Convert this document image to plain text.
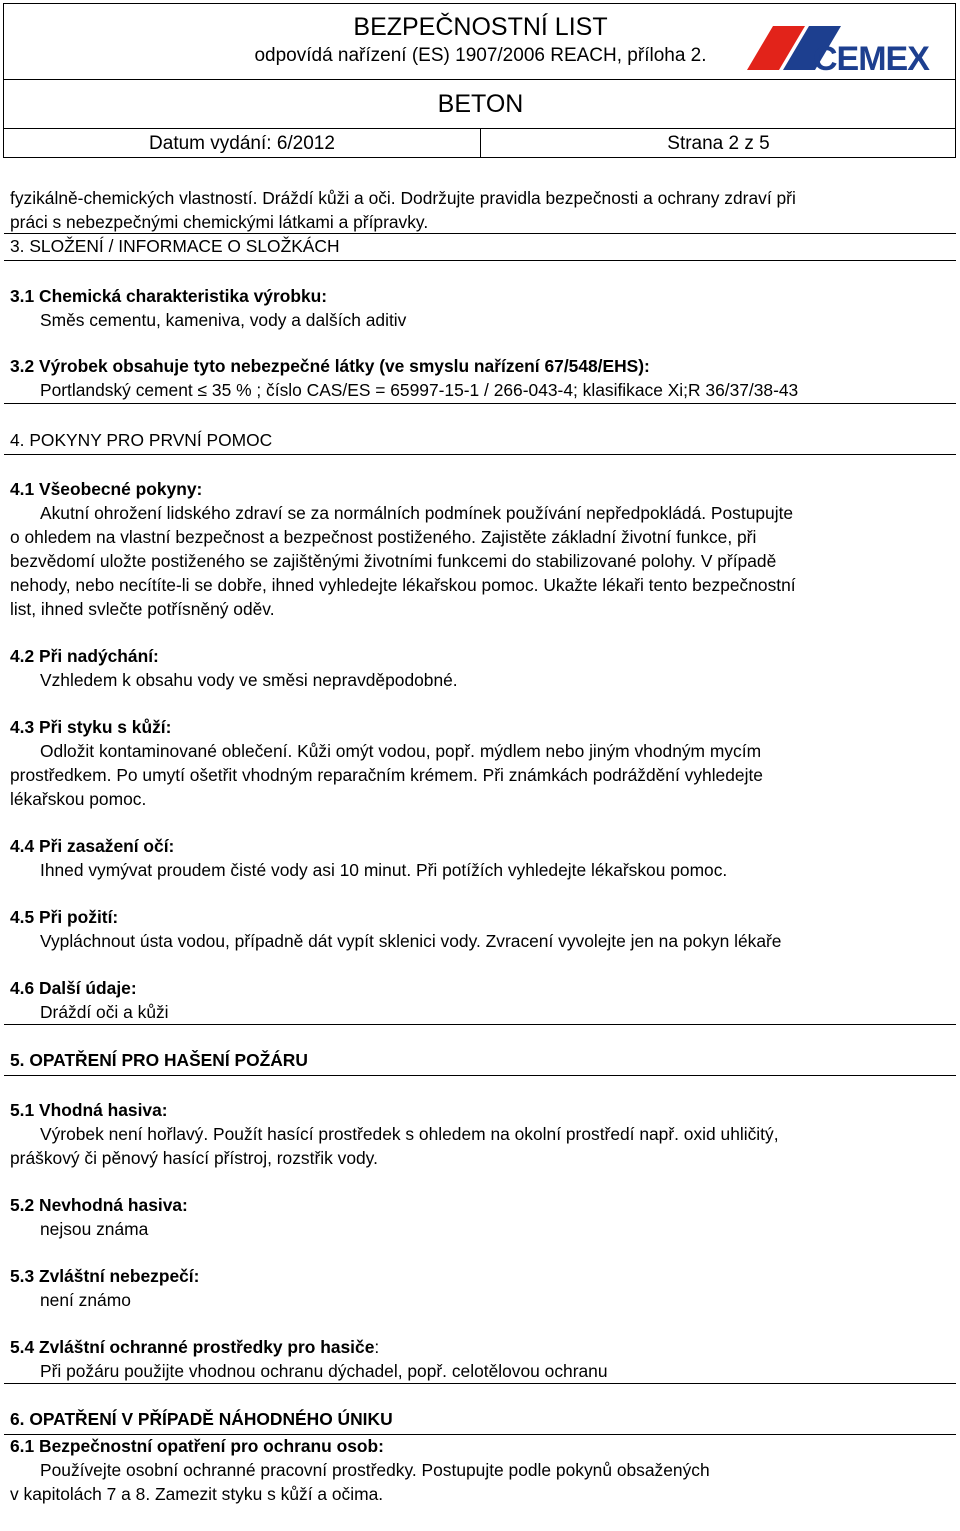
BEZPEČNOSTNÍ LIST
odpovídá nařízení (ES) 1907/2006 REACH, příloha 2.
BETON
Datum vydání: 6/2012	Strana 2 z 5
CEMEX

fyzikálně-chemických vlastností. Dráždí kůži a oči. Dodržujte pravidla bezpečnosti a ochrany zdraví při

práci s nebezpečnými chemickými látkami a přípravky.

3. SLOŽENÍ / INFORMACE O SLOŽKÁCH

3.1 Chemická charakteristika výrobku:

Směs cementu, kameniva, vody a dalších aditiv

3.2 Výrobek obsahuje tyto nebezpečné látky (ve smyslu nařízení 67/548/EHS):

Portlandský cement ≤ 35 % ; číslo CAS/ES = 65997-15-1 / 266-043-4; klasifikace Xi;R 36/37/38-43

4. POKYNY PRO PRVNÍ POMOC

4.1 Všeobecné pokyny:

Akutní ohrožení lidského zdraví se za normálních podmínek používání nepředpokládá. Postupujte

o ohledem na vlastní bezpečnost a bezpečnost postiženého. Zajistěte základní životní funkce, při

bezvědomí uložte postiženého se zajištěnými životními funkcemi do stabilizované polohy. V případě

nehody, nebo necítíte-li se dobře, ihned vyhledejte lékařskou pomoc. Ukažte lékaři tento bezpečnostní

list, ihned svlečte potřísněný oděv.

4.2 Při nadýchání:

Vzhledem k obsahu vody ve směsi nepravděpodobné.

4.3 Při styku s kůží:

Odložit kontaminované oblečení. Kůži omýt vodou, popř. mýdlem nebo jiným vhodným mycím

prostředkem. Po umytí ošetřit vhodným reparačním krémem. Při známkách podráždění vyhledejte

lékařskou pomoc.

4.4 Při zasažení očí:

Ihned vymývat proudem čisté vody asi 10 minut. Při potížích vyhledejte lékařskou pomoc.

4.5 Při požití:

Vypláchnout ústa vodou, případně dát vypít sklenici vody. Zvracení vyvolejte jen na pokyn lékaře

4.6 Další údaje:

Dráždí oči a kůži

5. OPATŘENÍ PRO HAŠENÍ POŽÁRU

5.1 Vhodná hasiva:

Výrobek není hořlavý. Použít hasící prostředek s ohledem na okolní prostředí např. oxid uhličitý,

práškový či pěnový hasící přístroj, rozstřik vody.

5.2 Nevhodná hasiva:

nejsou známa

5.3 Zvláštní nebezpečí:

není známo

5.4 Zvláštní ochranné prostředky pro hasiče:

Při požáru použijte vhodnou ochranu dýchadel, popř. celotělovou ochranu

6. OPATŘENÍ V PŘÍPADĚ NÁHODNÉHO ÚNIKU

6.1 Bezpečnostní opatření pro ochranu osob:

Používejte osobní ochranné pracovní prostředky. Postupujte podle pokynů obsažených

v kapitolách 7 a 8. Zamezit styku s kůží a očima.
